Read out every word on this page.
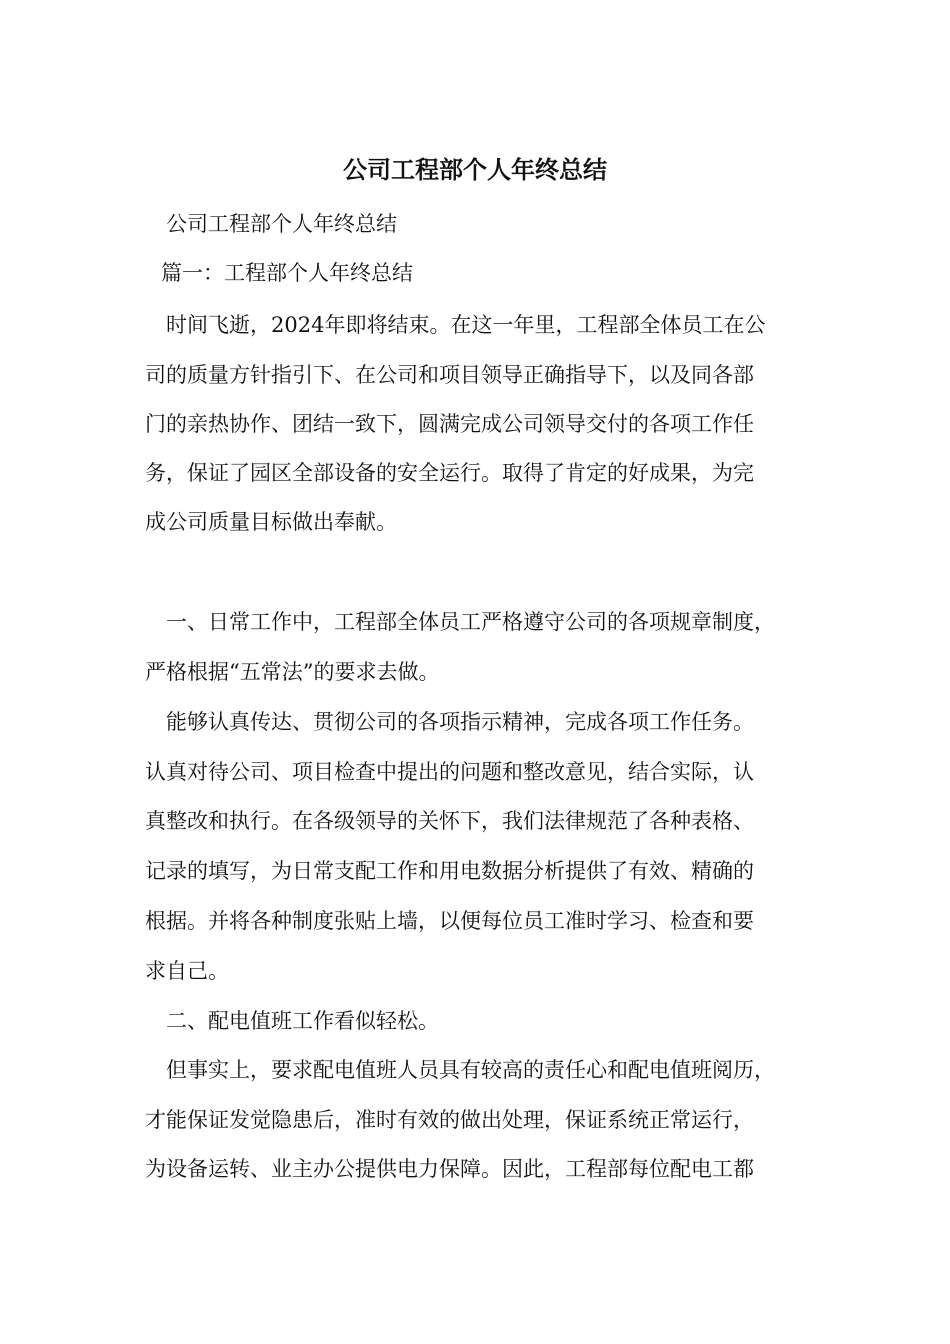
公司工程部个人年终总结

公司工程部个人年终总结

篇一：工程部个人年终总结

时间飞逝，2024年即将结束。在这一年里，工程部全体员工在公

司的质量方针指引下、在公司和项目领导正确指导下，以及同各部

门的亲热协作、团结一致下，圆满完成公司领导交付的各项工作任

务，保证了园区全部设备的安全运行。取得了肯定的好成果，为完

成公司质量目标做出奉献。

一、日常工作中，工程部全体员工严格遵守公司的各项规章制度，

严格根据“五常法”的要求去做。

能够认真传达、贯彻公司的各项指示精神，完成各项工作任务。

认真对待公司、项目检查中提出的问题和整改意见，结合实际，认

真整改和执行。在各级领导的关怀下，我们法律规范了各种表格、

记录的填写，为日常支配工作和用电数据分析提供了有效、精确的

根据。并将各种制度张贴上墙，以便每位员工准时学习、检查和要

求自己。

二、配电值班工作看似轻松。

但事实上，要求配电值班人员具有较高的责任心和配电值班阅历，

才能保证发觉隐患后，准时有效的做出处理，保证系统正常运行，

为设备运转、业主办公提供电力保障。因此，工程部每位配电工都
